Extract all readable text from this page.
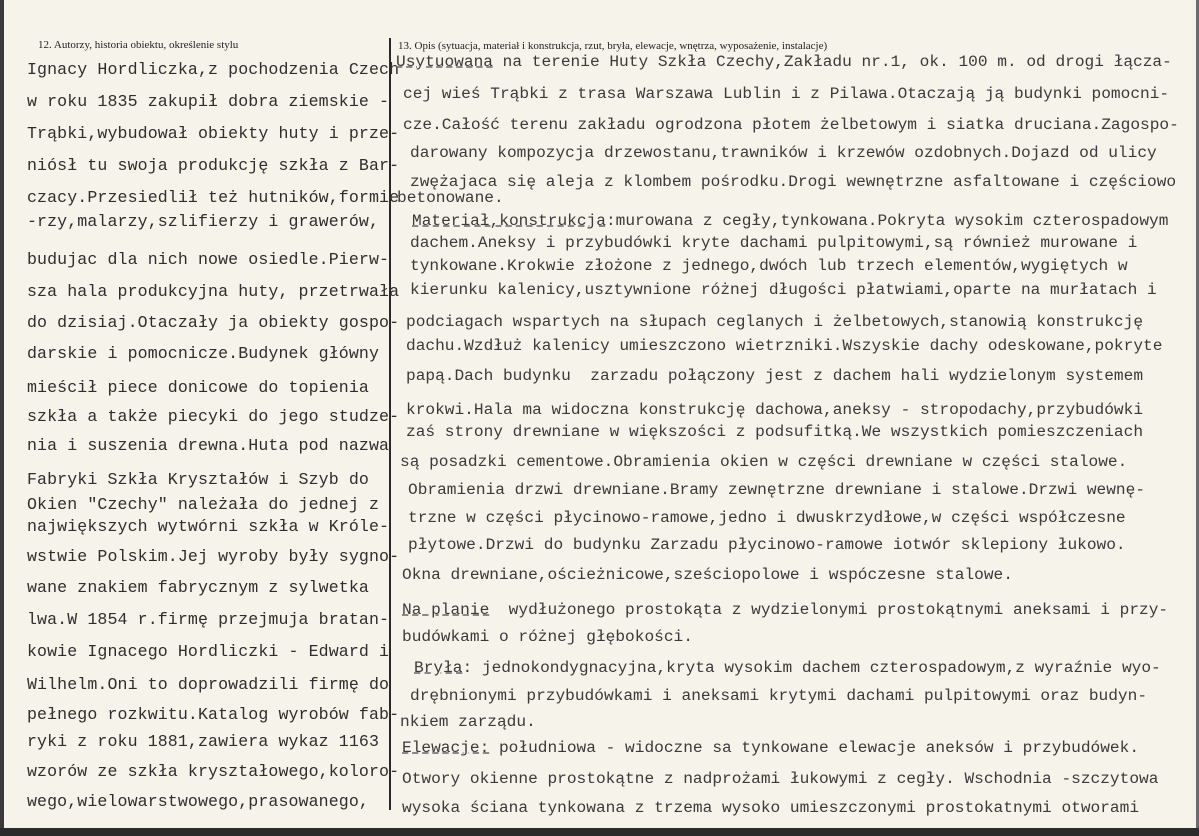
12. Autorzy, historia obiektu, określenie stylu	13. Opis (sytuacja, materiał i konstrukcja, rzut, bryła, elewacje, wnętrza, wyposażenie, instalacje)
Ignacy Hordliczka,z pochodzenia Czech
w roku 1835 zakupił dobra ziemskie -
Trąbki,wybudował obiekty huty i prze-
niósł tu swoja produkcję szkła z Bar-
czacy.Przesiedlił też hutników,formie
-rzy,malarzy,szlifierzy i grawerów,
budujac dla nich nowe osiedle.Pierw-
sza hala produkcyjna huty, przetrwała
do dzisiaj.Otaczały ja obiekty gospo-
darskie i pomocnicze.Budynek główny
mieścił piece donicowe do topienia
szkła a także piecyki do jego studze-
nia i suszenia drewna.Huta pod nazwa
Fabryki Szkła Kryształów i Szyb do
Okien "Czechy" należała do jednej z
największych wytwórni szkła w Króle-
wstwie Polskim.Jej wyroby były sygno-
wane znakiem fabrycznym z sylwetka
lwa.W 1854 r.firmę przejmuja bratan-
kowie Ignacego Hordliczki - Edward i
Wilhelm.Oni to doprowadzili firmę do
pełnego rozkwitu.Katalog wyrobów fab-
ryki z roku 1881,zawiera wykaz 1163
wzorów ze szkła kryształowego,koloro-
wego,wielowarstwowego,prasowanego,
Usytuowana na terenie Huty Szkła Czechy,Zakładu nr.1, ok. 100 m. od drogi łącza-
cej wieś Trąbki z trasa Warszawa Lublin i z Pilawa.Otaczają ją budynki pomocni-
cze.Całość terenu zakładu ogrodzona płotem żelbetowym i siatka druciana.Zagospo-
darowany kompozycja drzewostanu,trawników i krzewów ozdobnych.Dojazd od ulicy
zwężajaca się aleja z klombem pośrodku.Drogi wewnętrzne asfaltowane i częściowo
betonowane.
Materiał,konstrukcja:murowana z cegły,tynkowana.Pokryta wysokim czterospadowym
dachem.Aneksy i przybudówki kryte dachami pulpitowymi,są również murowane i
tynkowane.Krokwie złożone z jednego,dwóch lub trzech elementów,wygiętych w
kierunku kalenicy,usztywnione różnej długości płatwiami,oparte na murłatach i
podciagach wspartych na słupach ceglanych i żelbetowych,stanowią konstrukcję
dachu.Wzdłuż kalenicy umieszczono wietrzniki.Wszyskie dachy odeskowane,pokryte
papą.Dach budynku  zarzadu połączony jest z dachem hali wydzielonym systemem
krokwi.Hala ma widoczna konstrukcję dachowa,aneksy - stropodachy,przybudówki
zaś strony drewniane w większości z podsufitką.We wszystkich pomieszczeniach
są posadzki cementowe.Obramienia okien w części drewniane w części stalowe.
Obramienia drzwi drewniane.Bramy zewnętrzne drewniane i stalowe.Drzwi wewnę-
trzne w części płycinowo-ramowe,jedno i dwuskrzydłowe,w części współczesne
płytowe.Drzwi do budynku Zarzadu płycinowo-ramowe iotwór sklepiony łukowo.
Okna drewniane,ościeżnicowe,sześciopolowe i wspóczesne stalowe.
Na planie  wydłużonego prostokąta z wydzielonymi prostokątnymi aneksami i przy-
budówkami o różnej głębokości.
Bryła: jednokondygnacyjna,kryta wysokim dachem czterospadowym,z wyraźnie wyo-
drębnionymi przybudówkami i aneksami krytymi dachami pulpitowymi oraz budyn-
nkiem zarządu.
Elewacje: południowa - widoczne sa tynkowane elewacje aneksów i przybudówek.
Otwory okienne prostokątne z nadprożami łukowymi z cegły. Wschodnia -szczytowa
wysoka ściana tynkowana z trzema wysoko umieszczonymi prostokatnymi otworami
